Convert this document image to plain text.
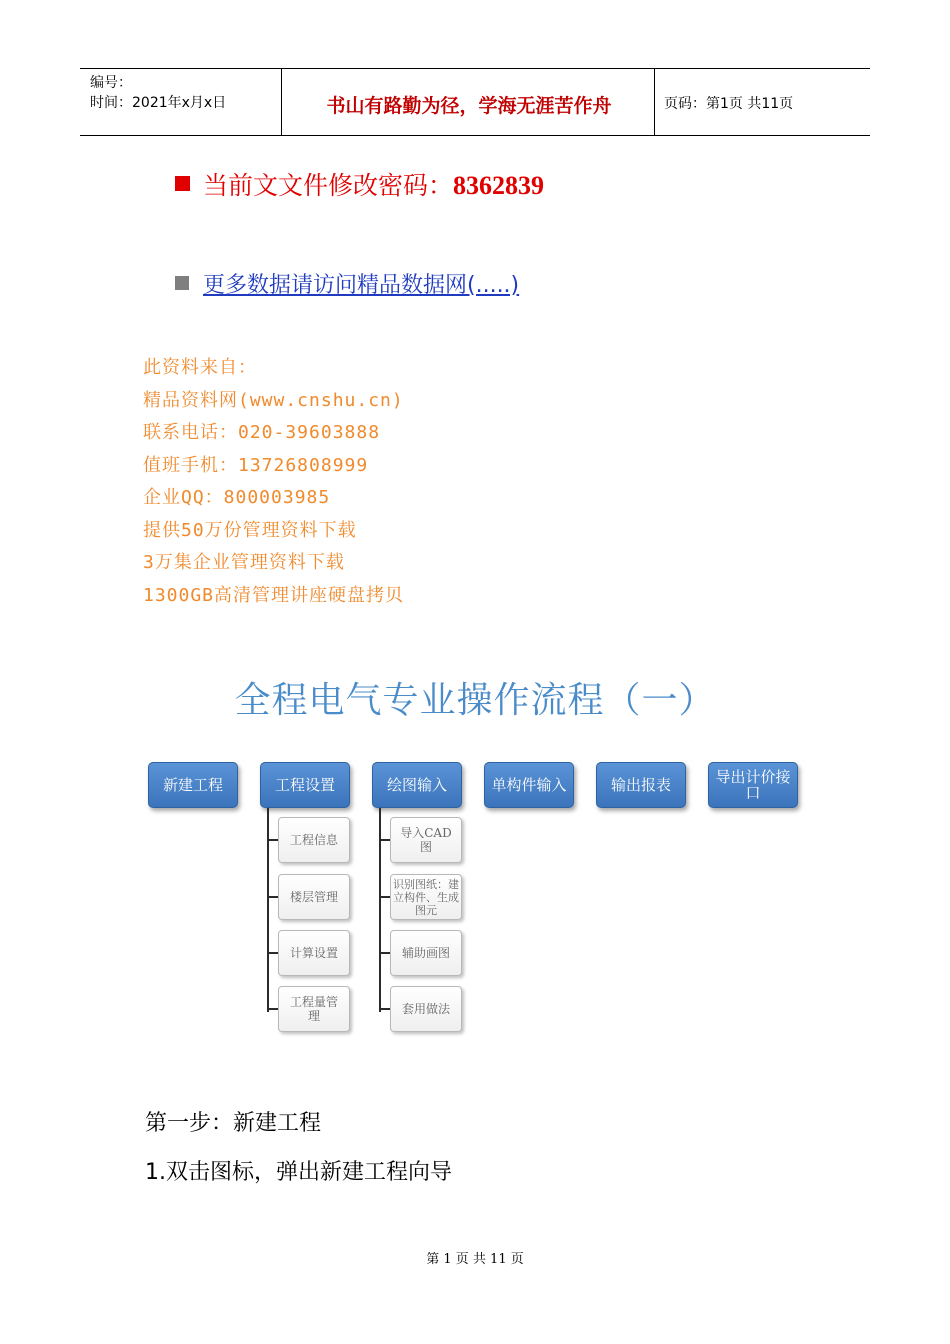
编号：
时间：2021年x月x日	书山有路勤为径，学海无涯苦作舟	页码：第1页 共11页
当前文文件修改密码：8362839
更多数据请访问精品数据网(.....)
此资料来自：
精品资料网(www.cnshu.cn)
联系电话：020-39603888
值班手机：13726808999
企业QQ：800003985
提供50万份管理资料下载
3万集企业管理资料下载
1300GB高清管理讲座硬盘拷贝
全程电气专业操作流程（一）
新建工程	工程设置	绘图输入	单构件输入	输出报表	导出计价接口
工程信息
楼层管理
计算设置
工程量管理
导入CAD图
识别图纸：建立构件、生成图元
辅助画图
套用做法
第一步：新建工程
1.双击图标，弹出新建工程向导
第 1 页 共 11 页
